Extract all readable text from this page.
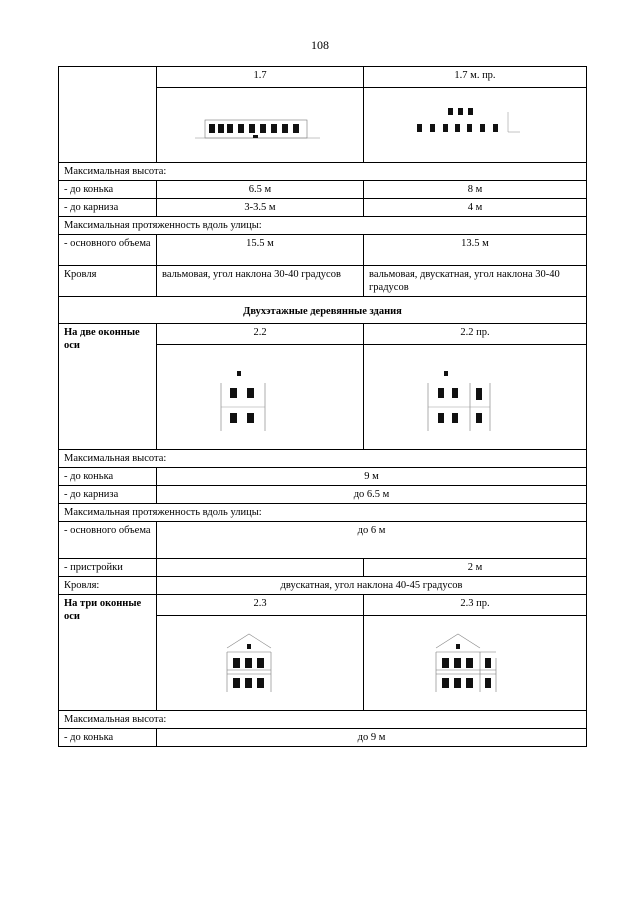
108
	1.7	1.7 м. пр.

Максимальная высота:		
- до конька	6.5 м	8 м
- до карниза	3-3.5 м	4 м
Максимальная протяженность вдоль улицы:		
- основного объема	15.5 м	13.5 м
Кровля	вальмовая, угол наклона 30-40 градусов	вальмовая, двускатная, угол наклона 30-40 градусов
Двухэтажные деревянные здания		
На две оконные оси	2.2	2.2 пр.

Максимальная высота:		
- до конька	9 м	
- до карниза	до 6.5 м	
Максимальная протяженность вдоль улицы:		
- основного объема	до 6 м	
- пристройки		2 м
Кровля:	двускатная, угол наклона 40-45 градусов	
На три оконные оси	2.3	2.3 пр.

Максимальная высота:		
- до конька	до 9 м	
